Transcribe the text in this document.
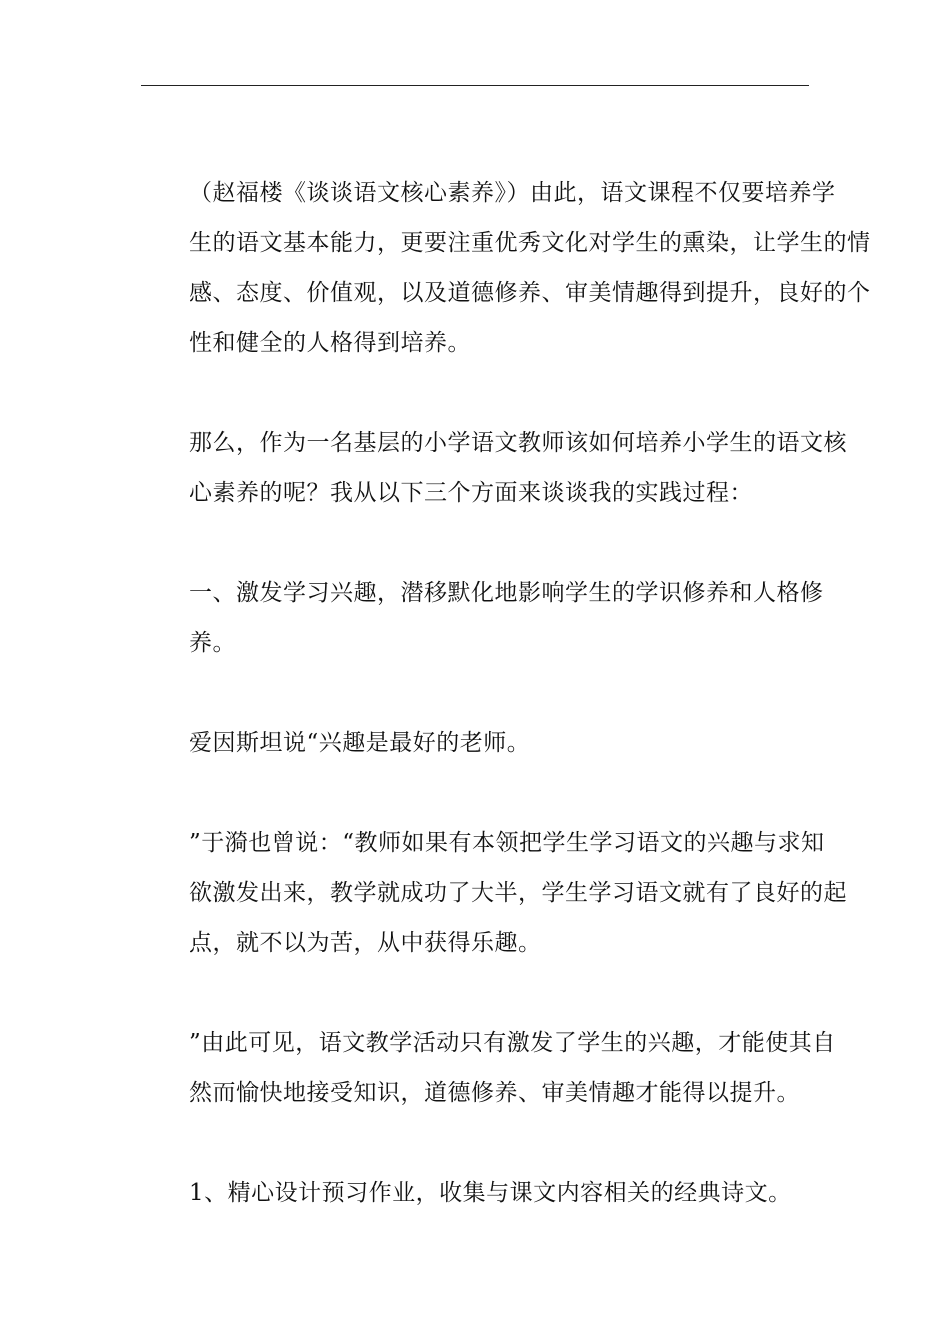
（赵福楼《谈谈语文核心素养》）由此，语文课程不仅要培养学
生的语文基本能力，更要注重优秀文化对学生的熏染，让学生的情
感、态度、价值观，以及道德修养、审美情趣得到提升，良好的个
性和健全的人格得到培养。

那么，作为一名基层的小学语文教师该如何培养小学生的语文核
心素养的呢？我从以下三个方面来谈谈我的实践过程：

一、激发学习兴趣，潜移默化地影响学生的学识修养和人格修
养。

爱因斯坦说“兴趣是最好的老师。

”于漪也曾说：“教师如果有本领把学生学习语文的兴趣与求知
欲激发出来，教学就成功了大半，学生学习语文就有了良好的起
点，就不以为苦，从中获得乐趣。

”由此可见，语文教学活动只有激发了学生的兴趣，才能使其自
然而愉快地接受知识，道德修养、审美情趣才能得以提升。

1、精心设计预习作业，收集与课文内容相关的经典诗文。
